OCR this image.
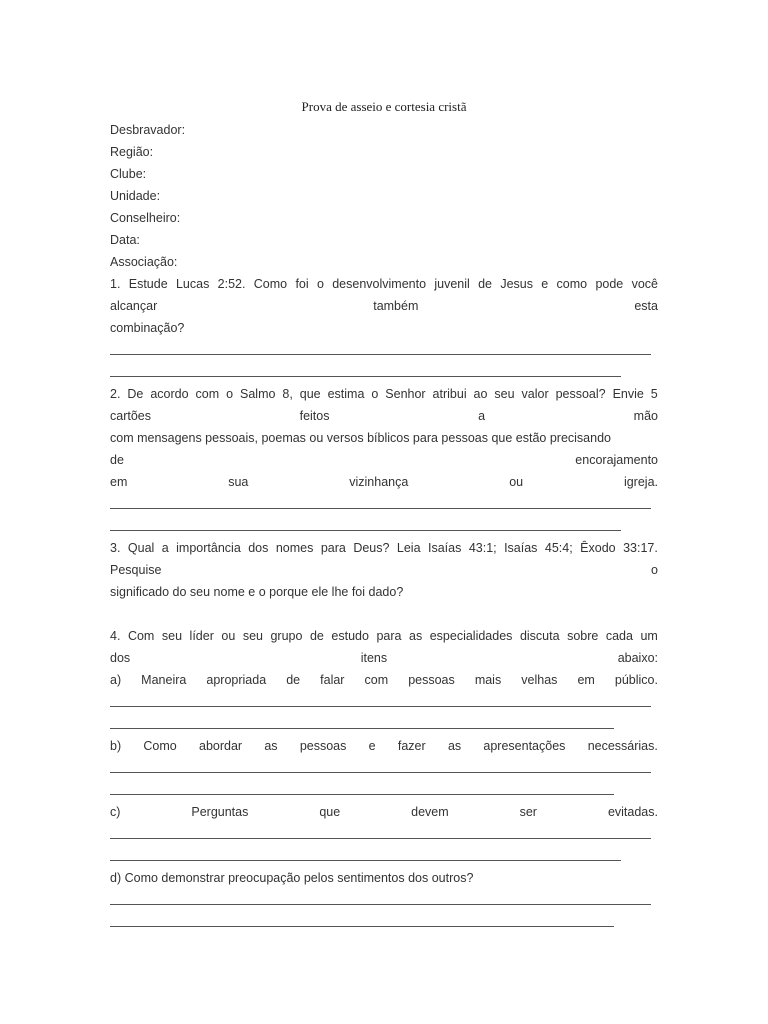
Prova de asseio e cortesia cristã
Desbravador:
Região:
Clube:
Unidade:
Conselheiro:
Data:
Associação:
1. Estude Lucas 2:52. Como foi o desenvolvimento juvenil de Jesus e como pode você
alcançar	também	esta
combinação?
2. De acordo com o Salmo 8, que estima o Senhor atribui ao seu valor pessoal? Envie 5
cartões	feitos	a	mão
com mensagens pessoais, poemas ou versos bíblicos para pessoas que estão precisando
de	encorajamento
em	sua	vizinhança	ou	igreja.
3. Qual a importância dos nomes para Deus? Leia Isaías 43:1; Isaías 45:4; Êxodo 33:17.
Pesquise	o
significado do seu nome e o porque ele lhe foi dado?
4. Com seu líder ou seu grupo de estudo para as especialidades discuta sobre cada um
dos	itens	abaixo:
a) Maneira apropriada de falar com pessoas mais velhas em público.
b) Como abordar as pessoas e fazer as apresentações necessárias.
c)	Perguntas	que	devem	ser	evitadas.
d) Como demonstrar preocupação pelos sentimentos dos outros?
